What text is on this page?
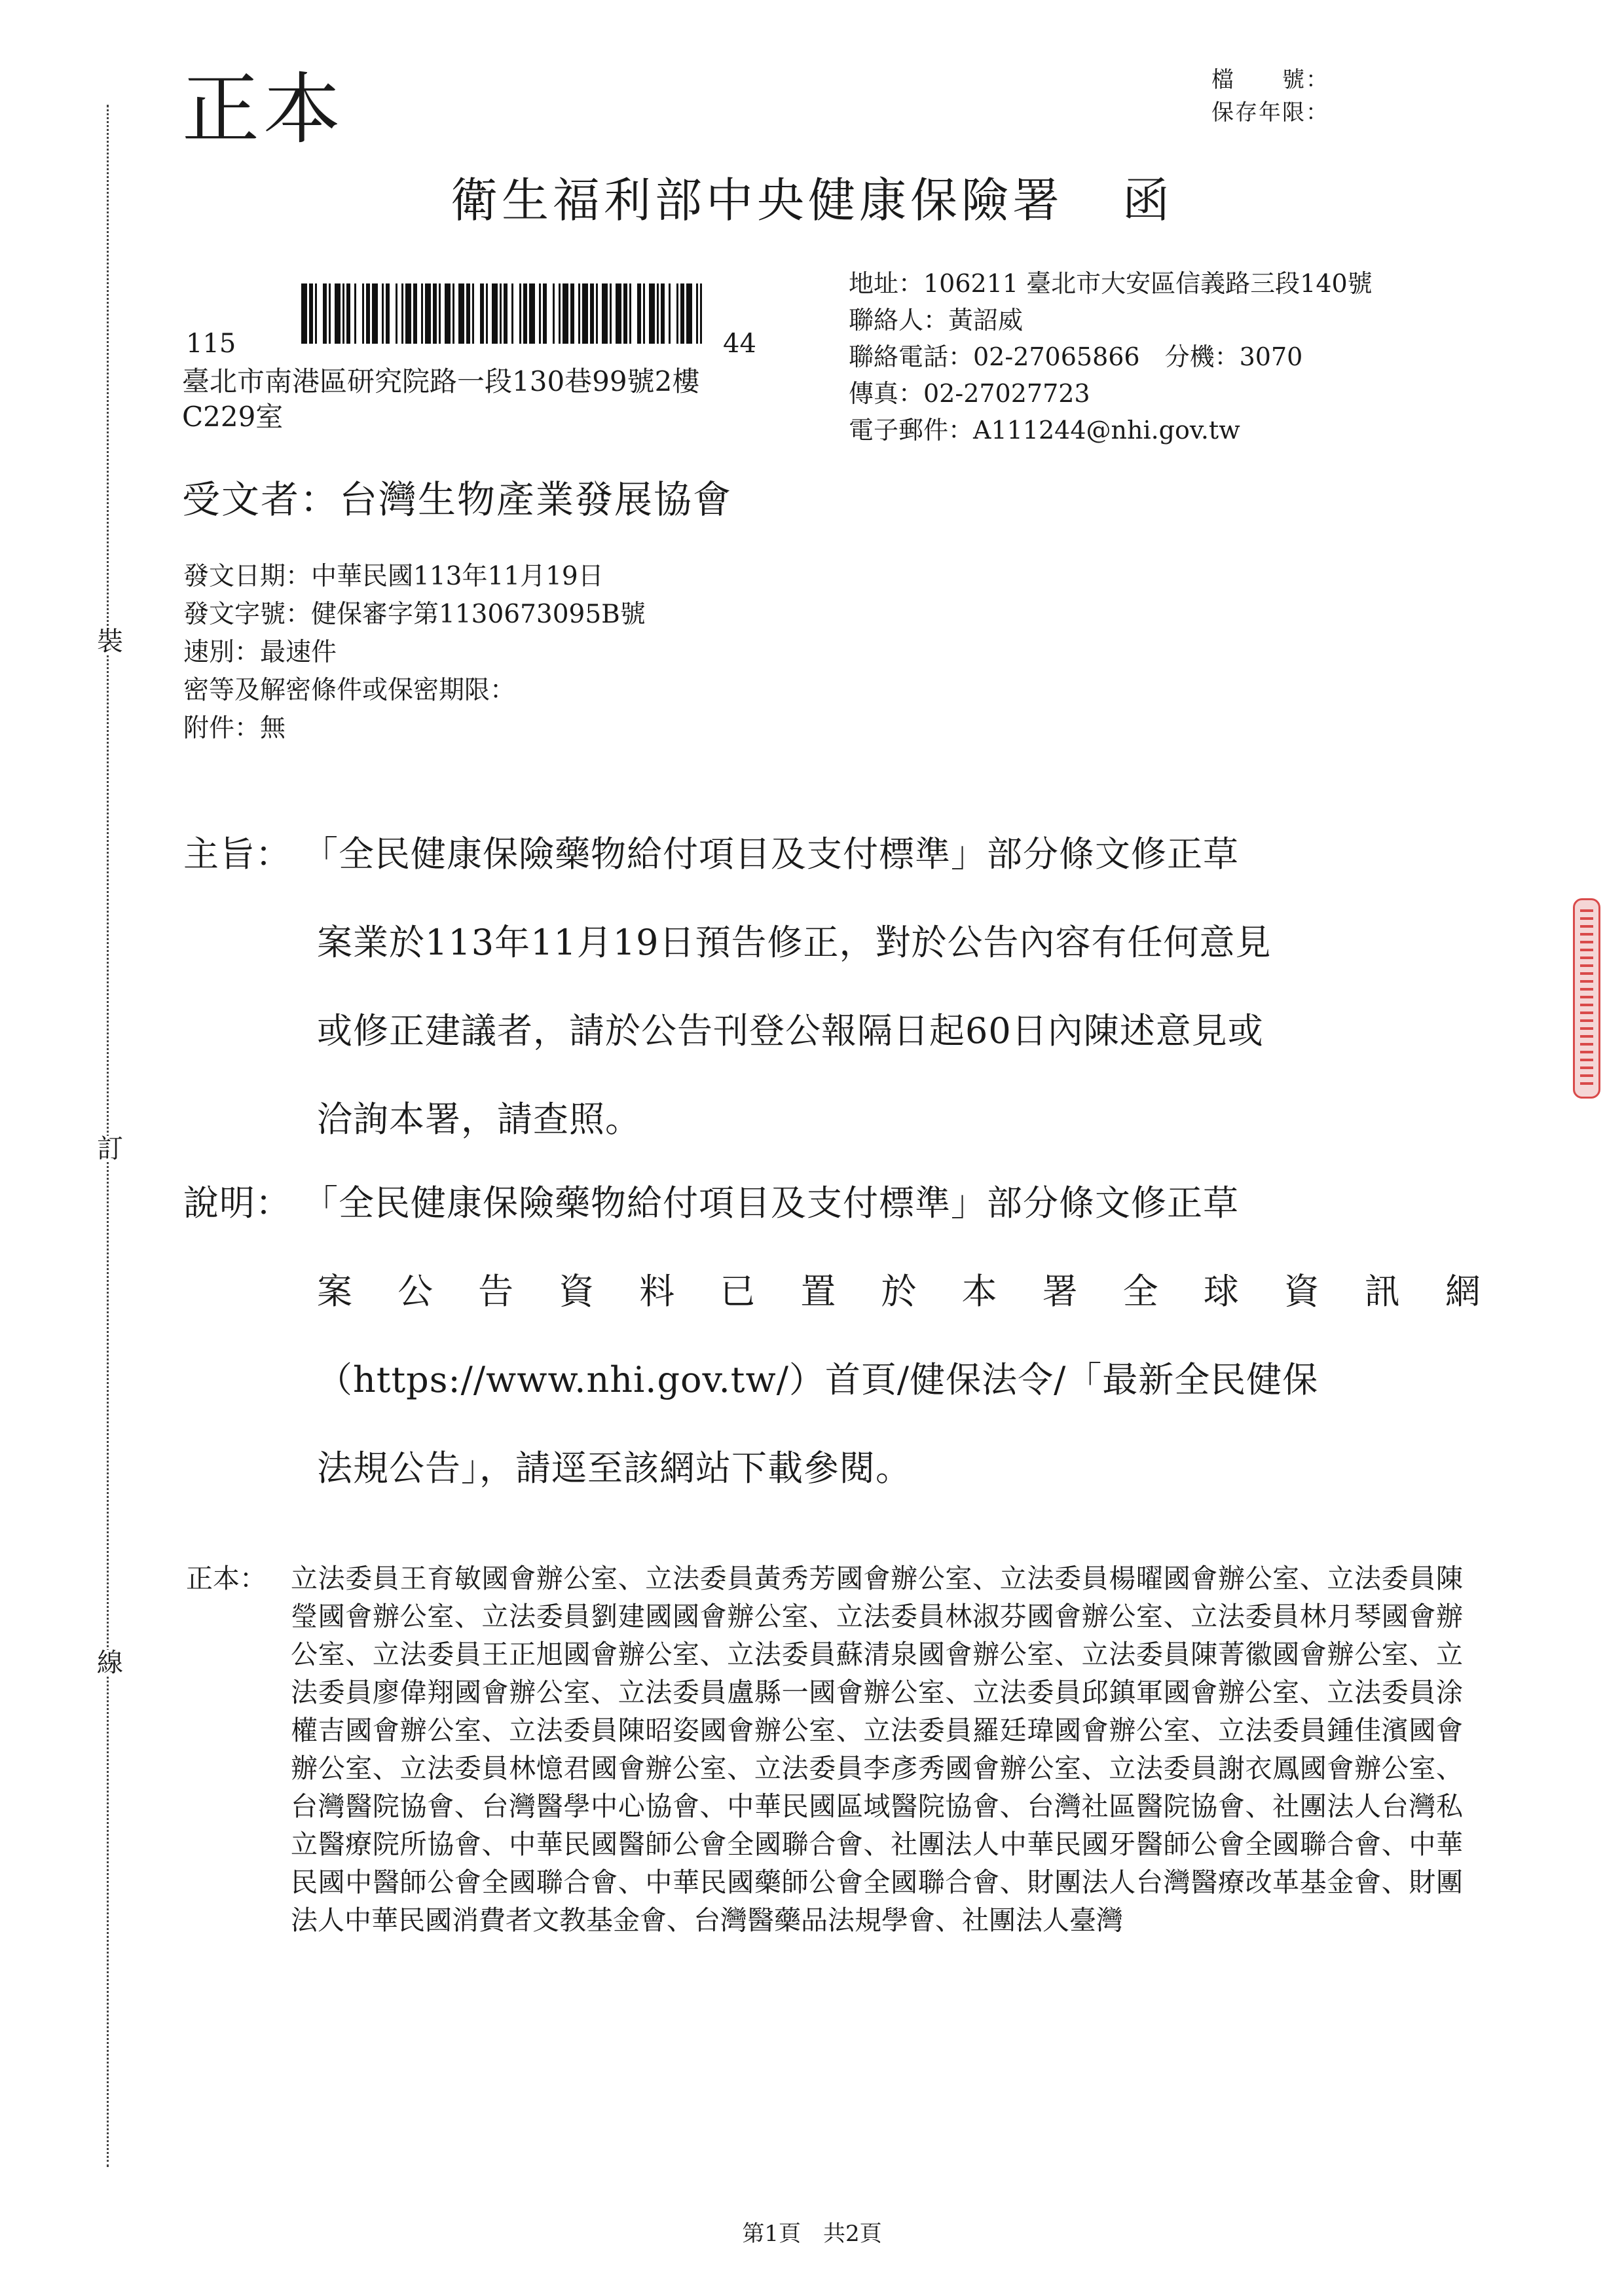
裝
訂
線
正本	檔　　號：
保存年限：
衛生福利部中央健康保險署 函
115	44
臺北市南港區研究院路一段130巷99號2樓
C229室
地址：106211 臺北市大安區信義路三段140號
聯絡人：黃詔威
聯絡電話：02-27065866　分機：3070
傳真：02-27027723
電子郵件：A111244@nhi.gov.tw
受文者：台灣生物產業發展協會
發文日期：中華民國113年11月19日
發文字號：健保審字第1130673095B號
速別：最速件
密等及解密條件或保密期限：
附件：無
主旨： 「全民健康保險藥物給付項目及支付標準」部分條文修正草
案業於113年11月19日預告修正，對於公告內容有任何意見
或修正建議者，請於公告刊登公報隔日起60日內陳述意見或
洽詢本署，請查照。
說明： 「全民健康保險藥物給付項目及支付標準」部分條文修正草
案 公 告 資 料 已 置 於 本 署 全 球 資 訊 網
（https://www.nhi.gov.tw/）首頁/健保法令/「最新全民健保
法規公告」，請逕至該網站下載參閱。
正本： 立法委員王育敏國會辦公室、立法委員黃秀芳國會辦公室、立法委員楊曜國會辦公室、立法委員陳瑩國會辦公室、立法委員劉建國國會辦公室、立法委員林淑芬國會辦公室、立法委員林月琴國會辦公室、立法委員王正旭國會辦公室、立法委員蘇清泉國會辦公室、立法委員陳菁徽國會辦公室、立法委員廖偉翔國會辦公室、立法委員盧縣一國會辦公室、立法委員邱鎮軍國會辦公室、立法委員涂權吉國會辦公室、立法委員陳昭姿國會辦公室、立法委員羅廷瑋國會辦公室、立法委員鍾佳濱國會辦公室、立法委員林憶君國會辦公室、立法委員李彥秀國會辦公室、立法委員謝衣鳳國會辦公室、台灣醫院協會、台灣醫學中心協會、中華民國區域醫院協會、台灣社區醫院協會、社團法人台灣私立醫療院所協會、中華民國醫師公會全國聯合會、社團法人中華民國牙醫師公會全國聯合會、中華民國中醫師公會全國聯合會、中華民國藥師公會全國聯合會、財團法人台灣醫療改革基金會、財團法人中華民國消費者文教基金會、台灣醫藥品法規學會、社團法人臺灣
第1頁　共2頁
